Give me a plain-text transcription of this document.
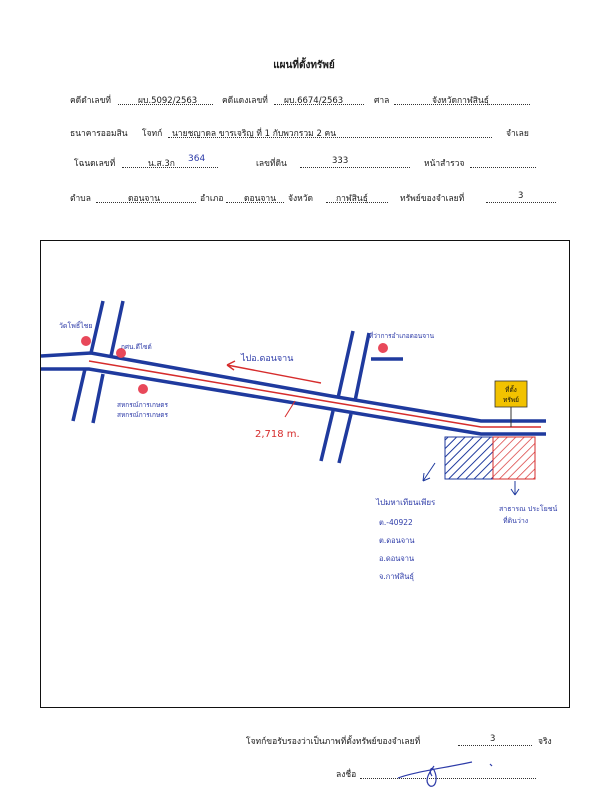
แผนที่ตั้งทรัพย์
คดีดำเลขที่	ผบ.5092/2563	คดีแดงเลขที่ ผบ.6674/2563	ศาล	จังหวัดกาฬสินธุ์
ธนาคารออมสิน โจทก์ นายชญาดล ขารเจริญ ที่ 1 กับพวกรวม 2 คน	จำเลย
โฉนดเลขที่	น.ส.3ก 364	เลขที่ดิน	333	หน้าสำรวจ
ตำบล	ดอนจาน	อำเภอ ดอนจาน จังหวัด	กาฬสินธุ์	ทรัพย์ของจำเลยที่	3
ไปอ.ดอนจาน
2,718 m.
วัดโพธิ์ไชย
กศน.ดีไซต์
สหกรณ์การเกษตร
สหกรณ์การเกษตร
ที่ว่าการอำเภอดอนจาน
ที่ตั้ง
ทรัพย์
ไปมหาเทียนเพียร
ต.-40922
ต.ดอนจาน
อ.ดอนจาน
จ.กาฬสินธุ์
สาธารณ ประโยชน์
ที่ดินว่าง
โจทก์ขอรับรองว่าเป็นภาพที่ตั้งทรัพย์ของจำเลยที่	3	จริง
ลงชื่อ
